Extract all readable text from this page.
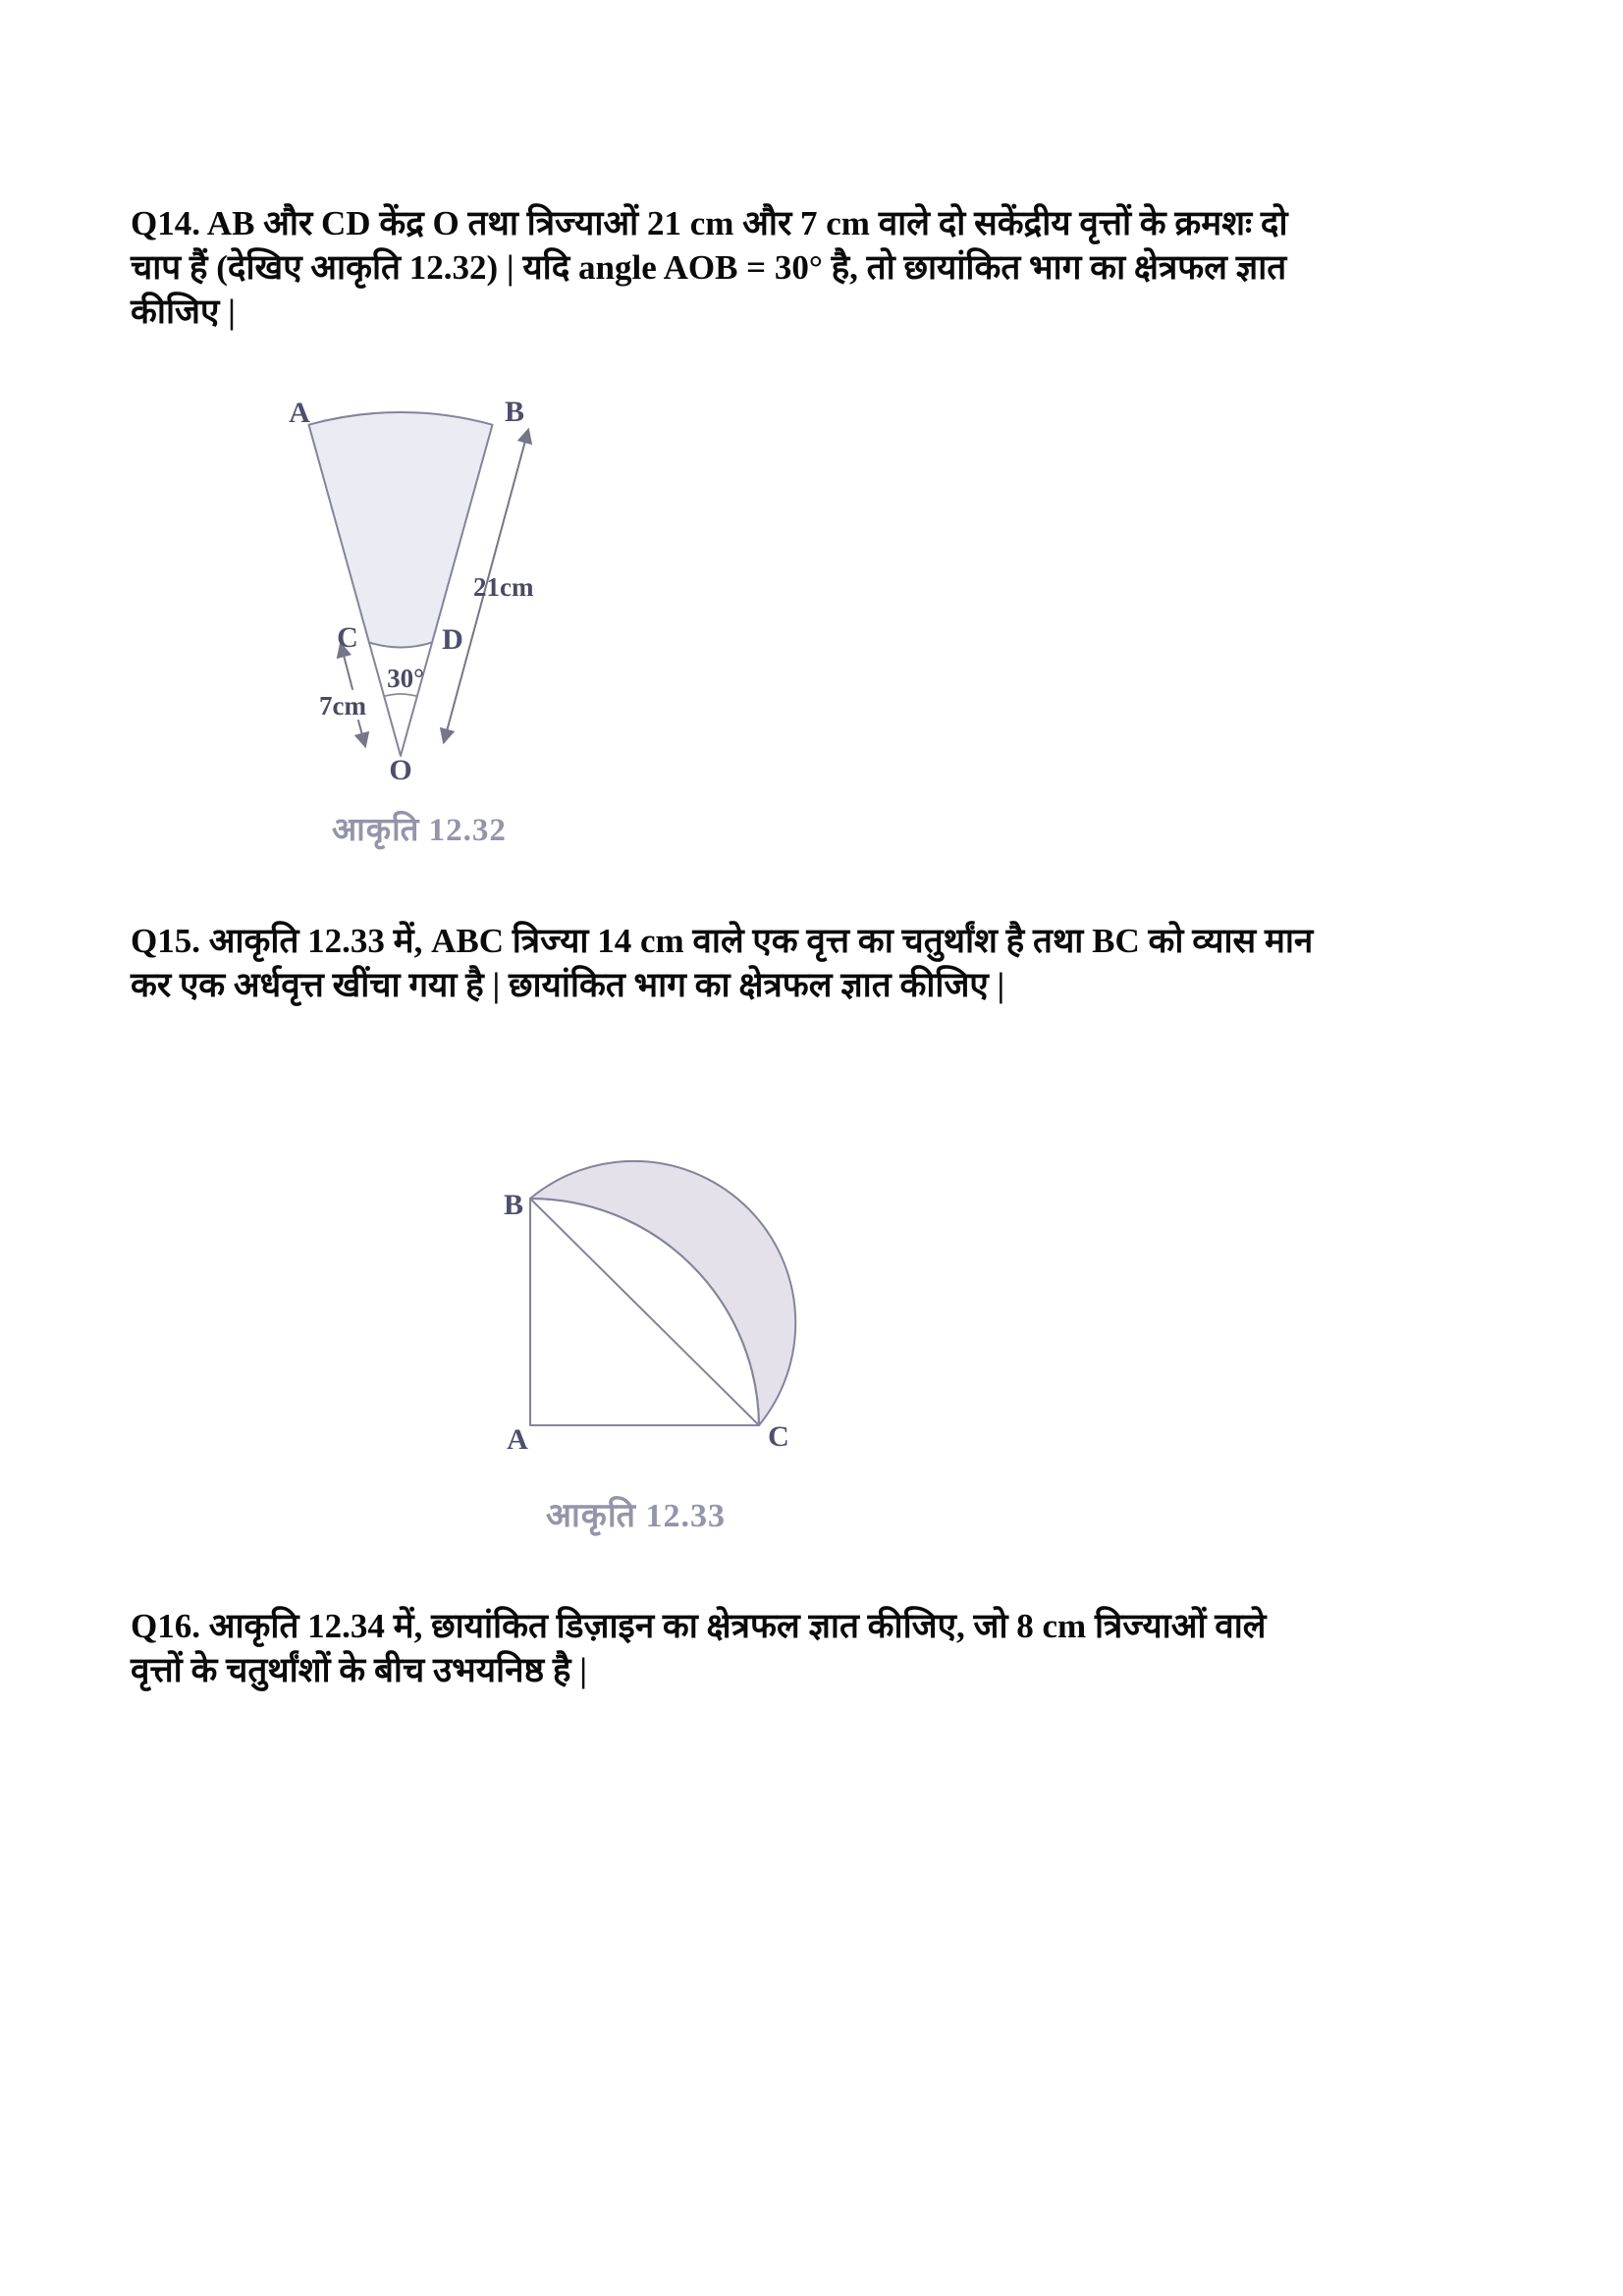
Q14. AB और CD केंद्र O तथा त्रिज्याओं 21 cm और 7 cm वाले दो सकेंद्रीय वृत्तों के क्रमशः दो
चाप हैं (देखिए आकृति 12.32) | यदि angle AOB = 30° है, तो छायांकित भाग का क्षेत्रफल ज्ञात
कीजिए |
A	B
C	D
O
21cm
7cm
30°
आकृति 12.32
Q15. आकृति 12.33 में, ABC त्रिज्या 14 cm वाले एक वृत्त का चतुर्थांश है तथा BC को व्यास मान
कर एक अर्धवृत्त खींचा गया है | छायांकित भाग का क्षेत्रफल ज्ञात कीजिए |
B
A	C
आकृति 12.33
Q16. आकृति 12.34 में, छायांकित डिज़ाइन का क्षेत्रफल ज्ञात कीजिए, जो 8 cm त्रिज्याओं वाले
वृत्तों के चतुर्थांशों के बीच उभयनिष्ठ है |
